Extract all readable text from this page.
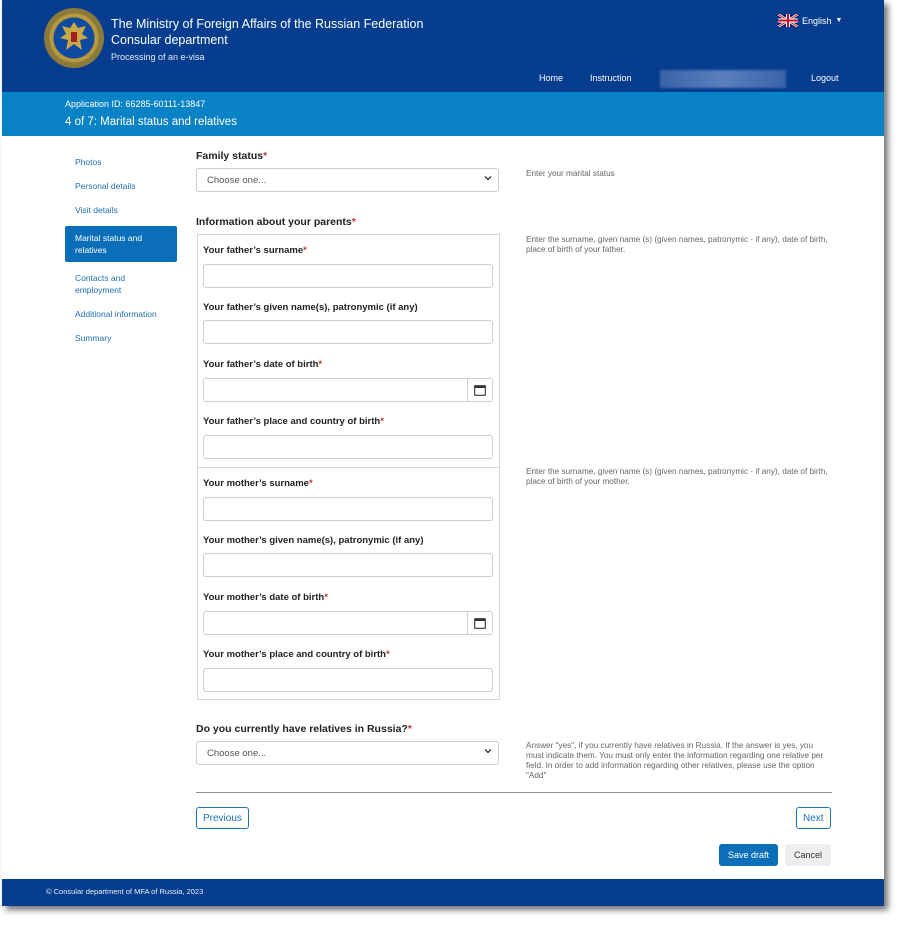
The Ministry of Foreign Affairs of the Russian Federation
Consular department
Processing of an e-visa
English ▼
Home	Instruction	Logout
Application ID: 66285-60111-13847
4 of 7: Marital status and relatives
Photos
Personal details
Visit details
Marital status and relatives
Contacts and employment
Additional information
Summary
Family status*
Choose one...
Enter your marital status
Information about your parents*
Enter the surname, given name (s) (given names, patronymic - if any), date of birth, place of birth of your father.
Your father’s surname*
Your father’s given name(s), patronymic (if any)
Your father’s date of birth*
Your father’s place and country of birth*
Enter the surname, given name (s) (given names, patronymic - if any), date of birth, place of birth of your mother.
Your mother’s surname*
Your mother’s given name(s), patronymic (if any)
Your mother’s date of birth*
Your mother’s place and country of birth*
Do you currently have relatives in Russia?*
Choose one...
Answer "yes", if you currently have relatives in Russia. If the answer is yes, you must indicate them. You must only enter the information regarding one relative per field. In order to add information regarding other relatives, please use the option "Add"
Previous	Next
Save draft	Cancel
© Consular department of MFA of Russia, 2023
